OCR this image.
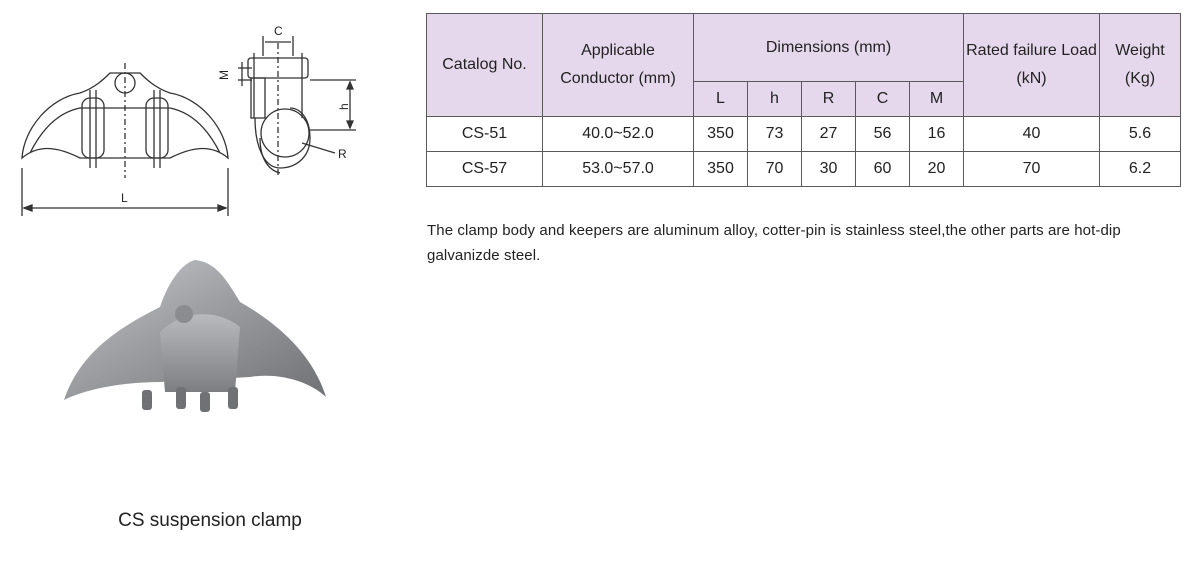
L
C
M
h
R
CS suspension clamp
Catalog No.	Applicable Conductor (mm)	Dimensions (mm)					Rated failure Load (kN)	Weight (Kg)
		L	h	R	C	M		
CS-51	40.0~52.0	350	73	27	56	16	40	5.6
CS-57	53.0~57.0	350	70	30	60	20	70	6.2
The clamp body and keepers are aluminum alloy, cotter-pin is stainless steel,the other parts are hot-dip galvanizde steel.
